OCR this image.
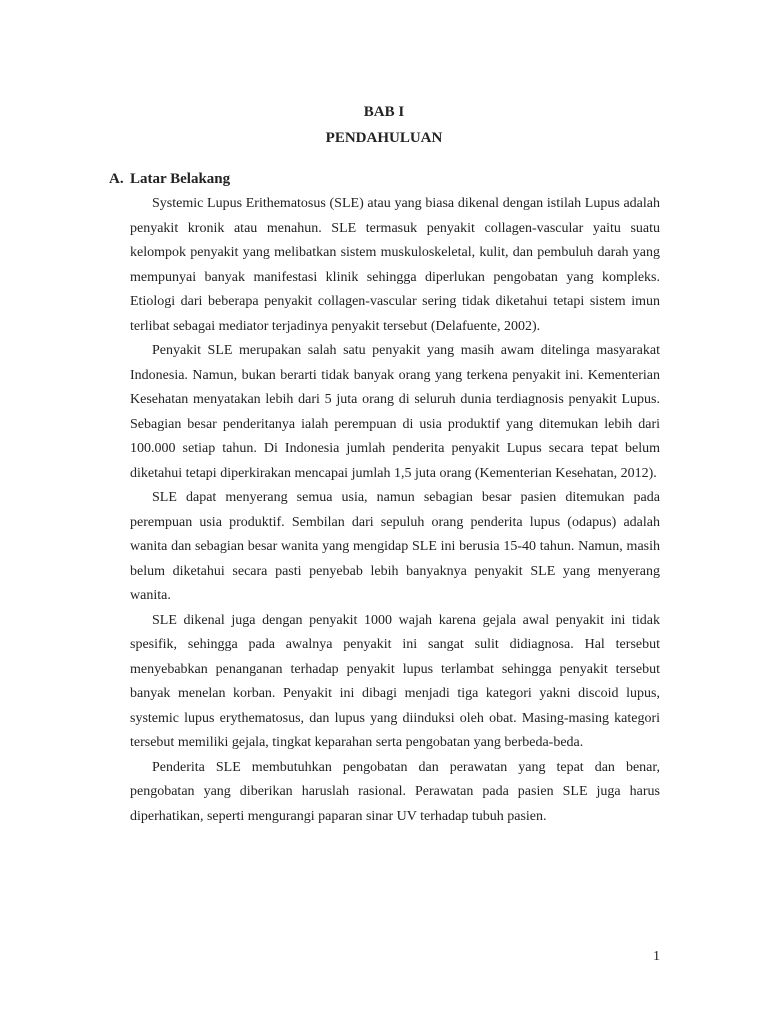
BAB I
PENDAHULUAN
A. Latar Belakang

Systemic Lupus Erithematosus (SLE) atau yang biasa dikenal dengan istilah Lupus adalah penyakit kronik atau menahun. SLE termasuk penyakit collagen-vascular yaitu suatu kelompok penyakit yang melibatkan sistem muskuloskeletal, kulit, dan pembuluh darah yang mempunyai banyak manifestasi klinik sehingga diperlukan pengobatan yang kompleks. Etiologi dari beberapa penyakit collagen-vascular sering tidak diketahui tetapi sistem imun terlibat sebagai mediator terjadinya penyakit tersebut (Delafuente, 2002).

Penyakit SLE merupakan salah satu penyakit yang masih awam ditelinga masyarakat Indonesia. Namun, bukan berarti tidak banyak orang yang terkena penyakit ini. Kementerian Kesehatan menyatakan lebih dari 5 juta orang di seluruh dunia terdiagnosis penyakit Lupus. Sebagian besar penderitanya ialah perempuan di usia produktif yang ditemukan lebih dari 100.000 setiap tahun. Di Indonesia jumlah penderita penyakit Lupus secara tepat belum diketahui tetapi diperkirakan mencapai jumlah 1,5 juta orang (Kementerian Kesehatan, 2012).

SLE dapat menyerang semua usia, namun sebagian besar pasien ditemukan pada perempuan usia produktif. Sembilan dari sepuluh orang penderita lupus (odapus) adalah wanita dan sebagian besar wanita yang mengidap SLE ini berusia 15-40 tahun. Namun, masih belum diketahui secara pasti penyebab lebih banyaknya penyakit SLE yang menyerang wanita.

SLE dikenal juga dengan penyakit 1000 wajah karena gejala awal penyakit ini tidak spesifik, sehingga pada awalnya penyakit ini sangat sulit didiagnosa. Hal tersebut menyebabkan penanganan terhadap penyakit lupus terlambat sehingga penyakit tersebut banyak menelan korban. Penyakit ini dibagi menjadi tiga kategori yakni discoid lupus, systemic lupus erythematosus, dan lupus yang diinduksi oleh obat. Masing-masing kategori tersebut memiliki gejala, tingkat keparahan serta pengobatan yang berbeda-beda.

Penderita SLE membutuhkan pengobatan dan perawatan yang tepat dan benar, pengobatan yang diberikan haruslah rasional. Perawatan pada pasien SLE juga harus diperhatikan, seperti mengurangi paparan sinar UV terhadap tubuh pasien.

1
